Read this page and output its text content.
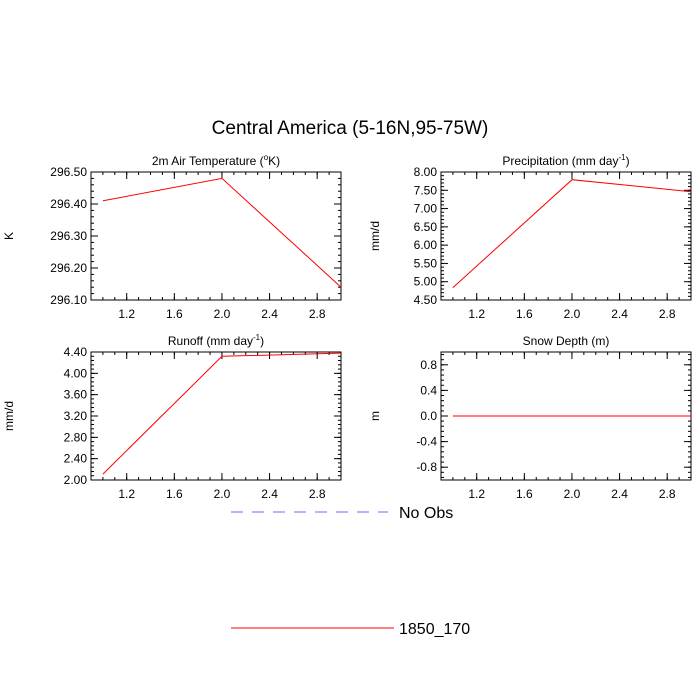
Central America (5-16N,95-75W)
1.2	1.6	2.0	2.4	2.8
296.10
296.20
296.30
296.40
296.50
2m Air Temperature ($^o$K)
K
1.2	1.6	2.0	2.4	2.8
4.50
5.00
5.50
6.00
6.50
7.00
7.50
8.00
Precipitation (mm day$^{-1}$)
mm/d
1.2	1.6	2.0	2.4	2.8
2.00
2.40
2.80
3.20
3.60
4.00
4.40
Runoff (mm day$^{-1}$)
mm/d
1.2	1.6	2.0	2.4	2.8
-0.8
-0.4
0.0
0.4
0.8
Snow Depth (m)
m
No Obs
1850_170
